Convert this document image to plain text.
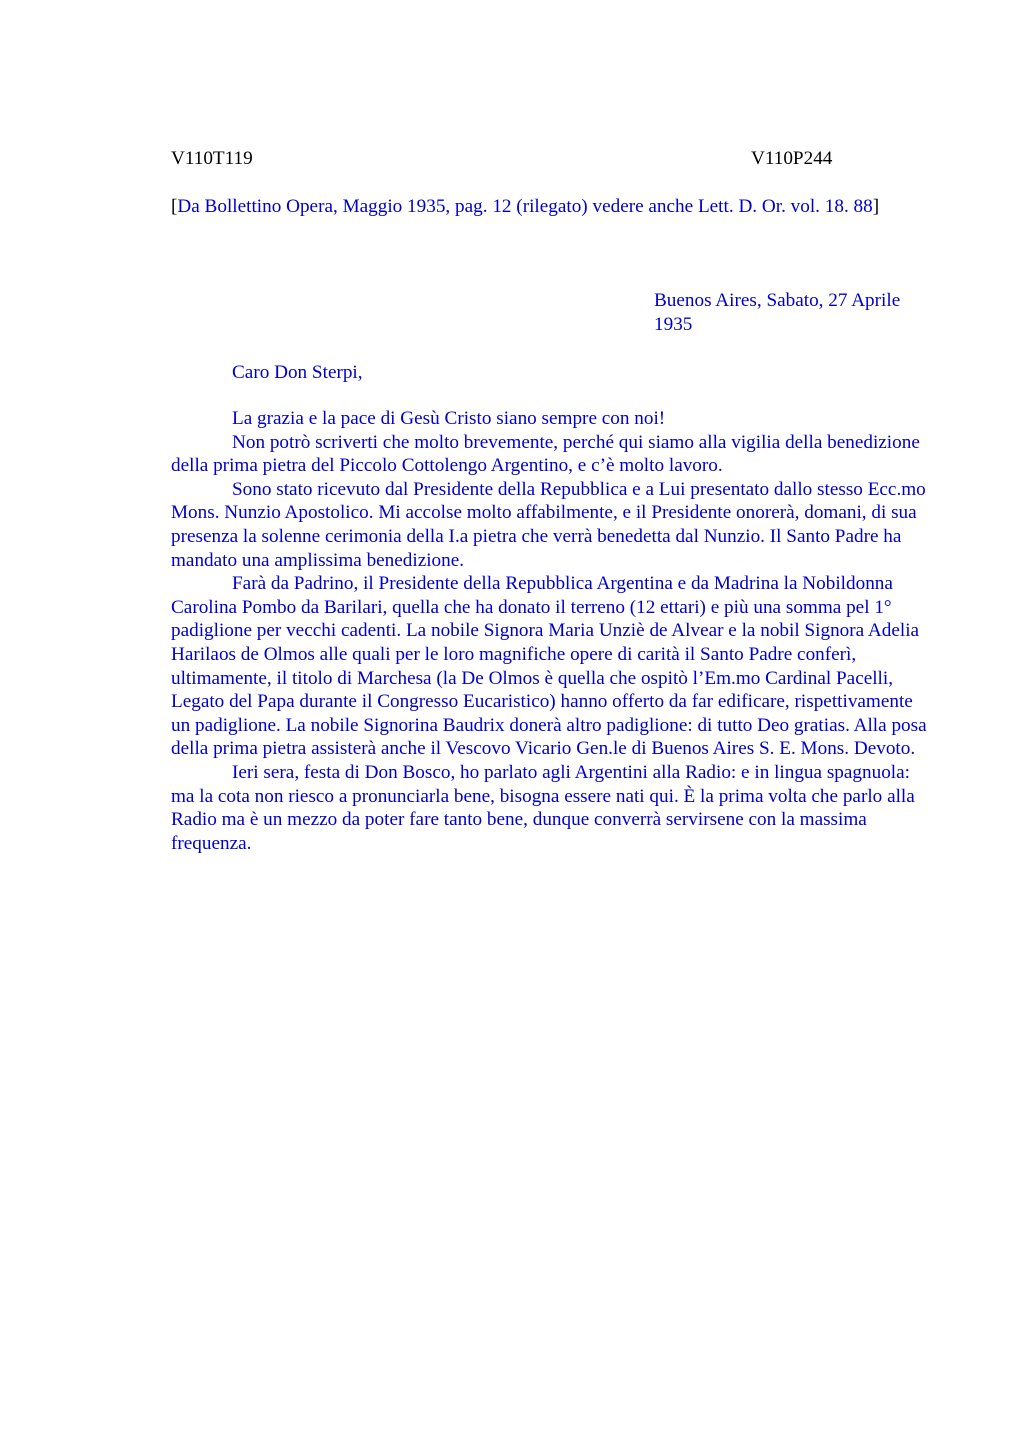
V110T119	V110P244
[Da Bollettino Opera, Maggio 1935, pag. 12 (rilegato) vedere anche Lett. D. Or. vol. 18. 88]
Buenos Aires, Sabato, 27 Aprile 1935
Caro Don Sterpi,

La grazia e la pace di Gesù Cristo siano sempre con noi!

Non potrò scriverti che molto brevemente, perché qui siamo alla vigilia della benedizione della prima pietra del Piccolo Cottolengo Argentino, e c’è molto lavoro.

Sono stato ricevuto dal Presidente della Repubblica e a Lui presentato dallo stesso Ecc.mo Mons. Nunzio Apostolico. Mi accolse molto affabilmente, e il Presidente onorerà, domani, di sua presenza la solenne cerimonia della I.a pietra che verrà benedetta dal Nunzio. Il Santo Padre ha mandato una amplissima benedizione.

Farà da Padrino, il Presidente della Repubblica Argentina e da Madrina la Nobildonna Carolina Pombo da Barilari, quella che ha donato il terreno (12 ettari) e più una somma pel 1° padiglione per vecchi cadenti. La nobile Signora Maria Unziè de Alvear e la nobil Signora Adelia Harilaos de Olmos alle quali per le loro magnifiche opere di carità il Santo Padre conferì, ultimamente, il titolo di Marchesa (la De Olmos è quella che ospitò l’Em.mo Cardinal Pacelli, Legato del Papa durante il Congresso Eucaristico) hanno offerto da far edificare, rispettivamente un padiglione. La nobile Signorina Baudrix donerà altro padiglione: di tutto Deo gratias. Alla posa della prima pietra assisterà anche il Vescovo Vicario Gen.le di Buenos Aires S. E. Mons. Devoto.

Ieri sera, festa di Don Bosco, ho parlato agli Argentini alla Radio: e in lingua spagnuola: ma la cota non riesco a pronunciarla bene, bisogna essere nati qui. È la prima volta che parlo alla Radio ma è un mezzo da poter fare tanto bene, dunque converrà servirsene con la massima frequenza.
